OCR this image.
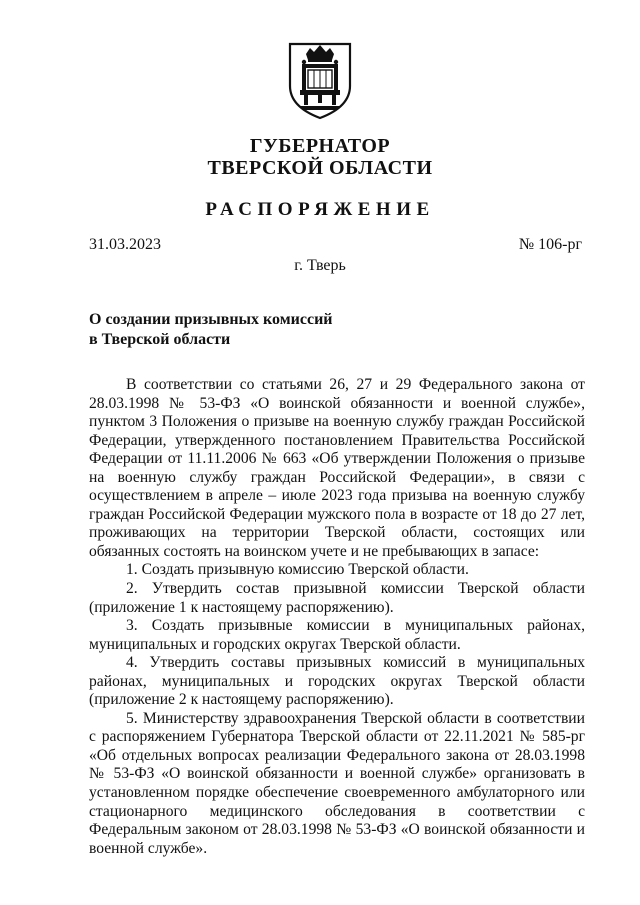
ГУБЕРНАТОР
ТВЕРСКОЙ ОБЛАСТИ
РАСПОРЯЖЕНИЕ
31.03.2023	№ 106-рг
г. Тверь
О создании призывных комиссий
в Тверской области

В соответствии со статьями 26, 27 и 29 Федерального закона от 28.03.1998 № 53-ФЗ «О воинской обязанности и военной службе», пунктом 3 Положения о призыве на военную службу граждан Российской Федерации, утвержденного постановлением Правительства Российской Федерации от 11.11.2006 № 663 «Об утверждении Положения о призыве на военную службу граждан Российской Федерации», в связи с осуществлением в апреле – июле 2023 года призыва на военную службу граждан Российской Федерации мужского пола в возрасте от 18 до 27 лет, проживающих на территории Тверской области, состоящих или обязанных состоять на воинском учете и не пребывающих в запасе:

1. Создать призывную комиссию Тверской области.

2. Утвердить состав призывной комиссии Тверской области (приложение 1 к настоящему распоряжению).

3. Создать призывные комиссии в муниципальных районах, муниципальных и городских округах Тверской области.

4. Утвердить составы призывных комиссий в муниципальных районах, муниципальных и городских округах Тверской области (приложение 2 к настоящему распоряжению).

5. Министерству здравоохранения Тверской области в соответствии с распоряжением Губернатора Тверской области от 22.11.2021 № 585-рг «Об отдельных вопросах реализации Федерального закона от 28.03.1998 № 53-ФЗ «О воинской обязанности и военной службе» организовать в установленном порядке обеспечение своевременного амбулаторного или стационарного медицинского обследования в соответствии с Федеральным законом от 28.03.1998 № 53-ФЗ «О воинской обязанности и военной службе».
